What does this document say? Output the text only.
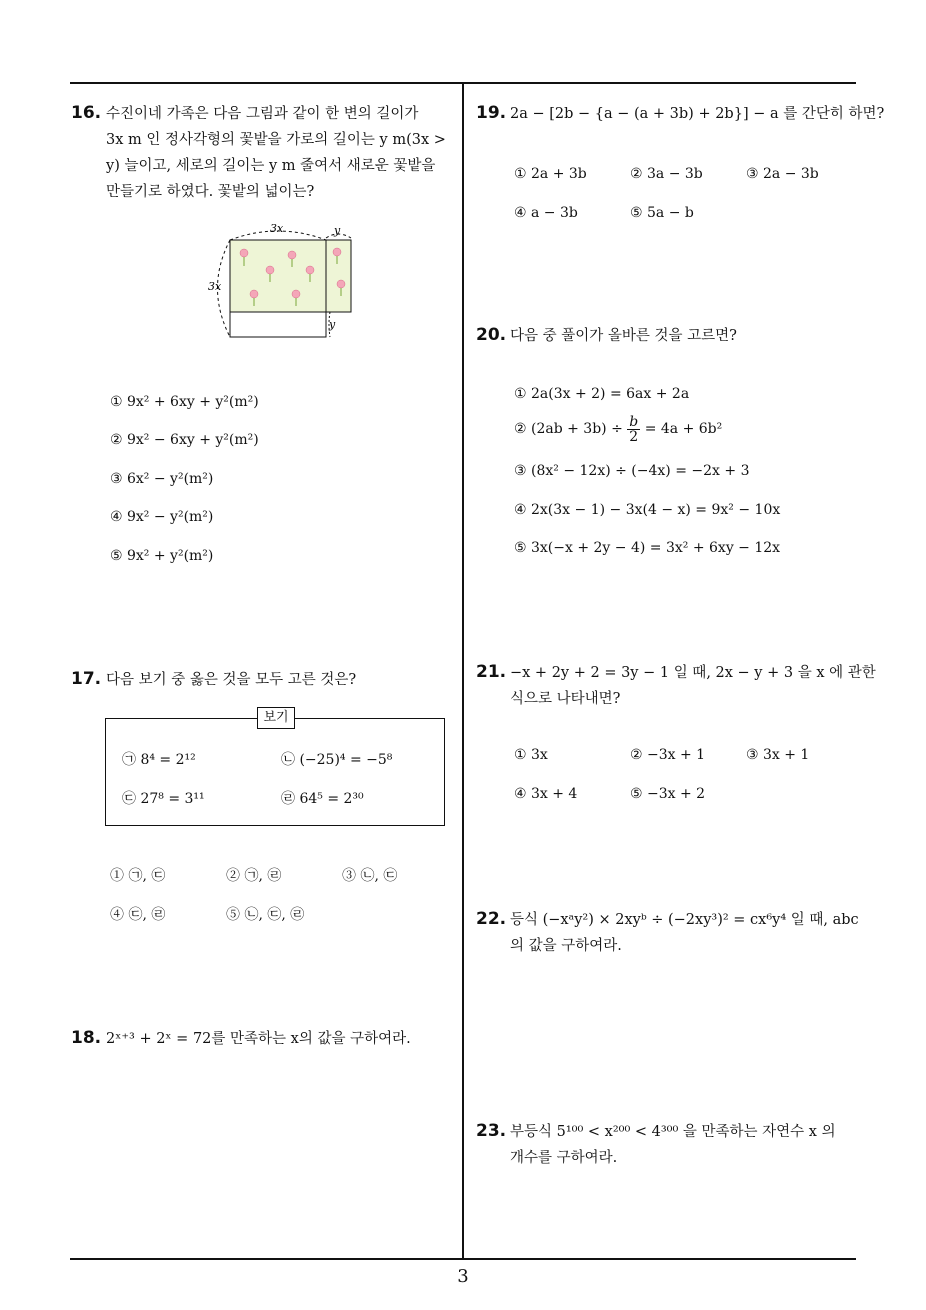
16. 수진이네 가족은 다음 그림과 같이 한 변의 길이가
3x m 인 정사각형의 꽃밭을 가로의 길이는 y m(3x >
y) 늘이고, 세로의 길이는 y m 줄여서 새로운 꽃밭을
만들기로 하였다. 꽃밭의 넓이는?
3x	y
3x
y
① 9x² + 6xy + y²(m²)
② 9x² − 6xy + y²(m²)
③ 6x² − y²(m²)
④ 9x² − y²(m²)
⑤ 9x² + y²(m²)
17. 다음 보기 중 옳은 것을 모두 고른 것은?
보기
㉠ 8⁴ = 2¹²	㉡ (−25)⁴ = −5⁸
㉢ 27⁸ = 3¹¹	㉣ 64⁵ = 2³⁰
① ㉠, ㉢	② ㉠, ㉣	③ ㉡, ㉢
④ ㉢, ㉣	⑤ ㉡, ㉢, ㉣
18. 2ˣ⁺³ + 2ˣ = 72를 만족하는 x의 값을 구하여라.
19. 2a − [2b − {a − (a + 3b) + 2b}] − a 를 간단히 하면?
① 2a + 3b	② 3a − 3b	③ 2a − 3b
④ a − 3b	⑤ 5a − b
20. 다음 중 풀이가 올바른 것을 고르면?
① 2a(3x + 2) = 6ax + 2a
② $(2ab + 3b) \div \frac{b}{2} = 4a + 6b^2$
③ (8x² − 12x) ÷ (−4x) = −2x + 3
④ 2x(3x − 1) − 3x(4 − x) = 9x² − 10x
⑤ 3x(−x + 2y − 4) = 3x² + 6xy − 12x
21. −x + 2y + 2 = 3y − 1 일 때, 2x − y + 3 을 x 에 관한
식으로 나타내면?
① 3x	② −3x + 1	③ 3x + 1
④ 3x + 4	⑤ −3x + 2
22. 등식 (−xᵃy²) × 2xyᵇ ÷ (−2xy³)² = cx⁶y⁴ 일 때, abc
의 값을 구하여라.
23. 부등식 5¹⁰⁰ < x²⁰⁰ < 4³⁰⁰ 을 만족하는 자연수 x 의
개수를 구하여라.
3
